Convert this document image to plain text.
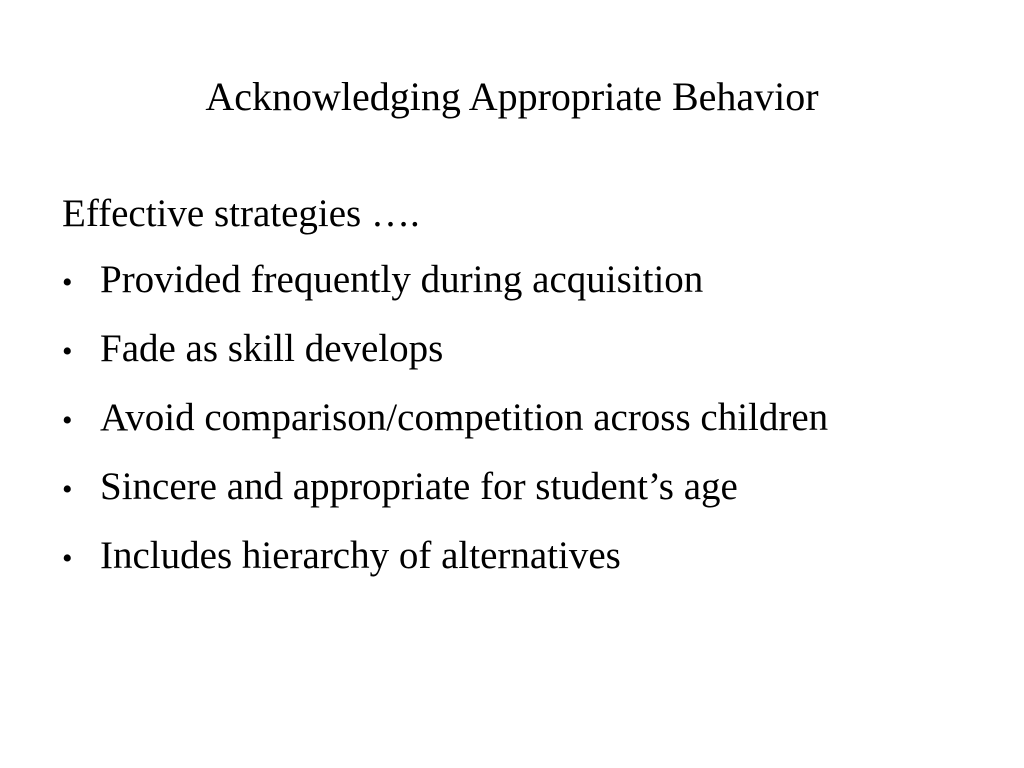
Acknowledging Appropriate Behavior

Effective strategies ….

• Provided frequently during acquisition
• Fade as skill develops
• Avoid comparison/competition across children
• Sincere and appropriate for student’s age
• Includes hierarchy of alternatives
